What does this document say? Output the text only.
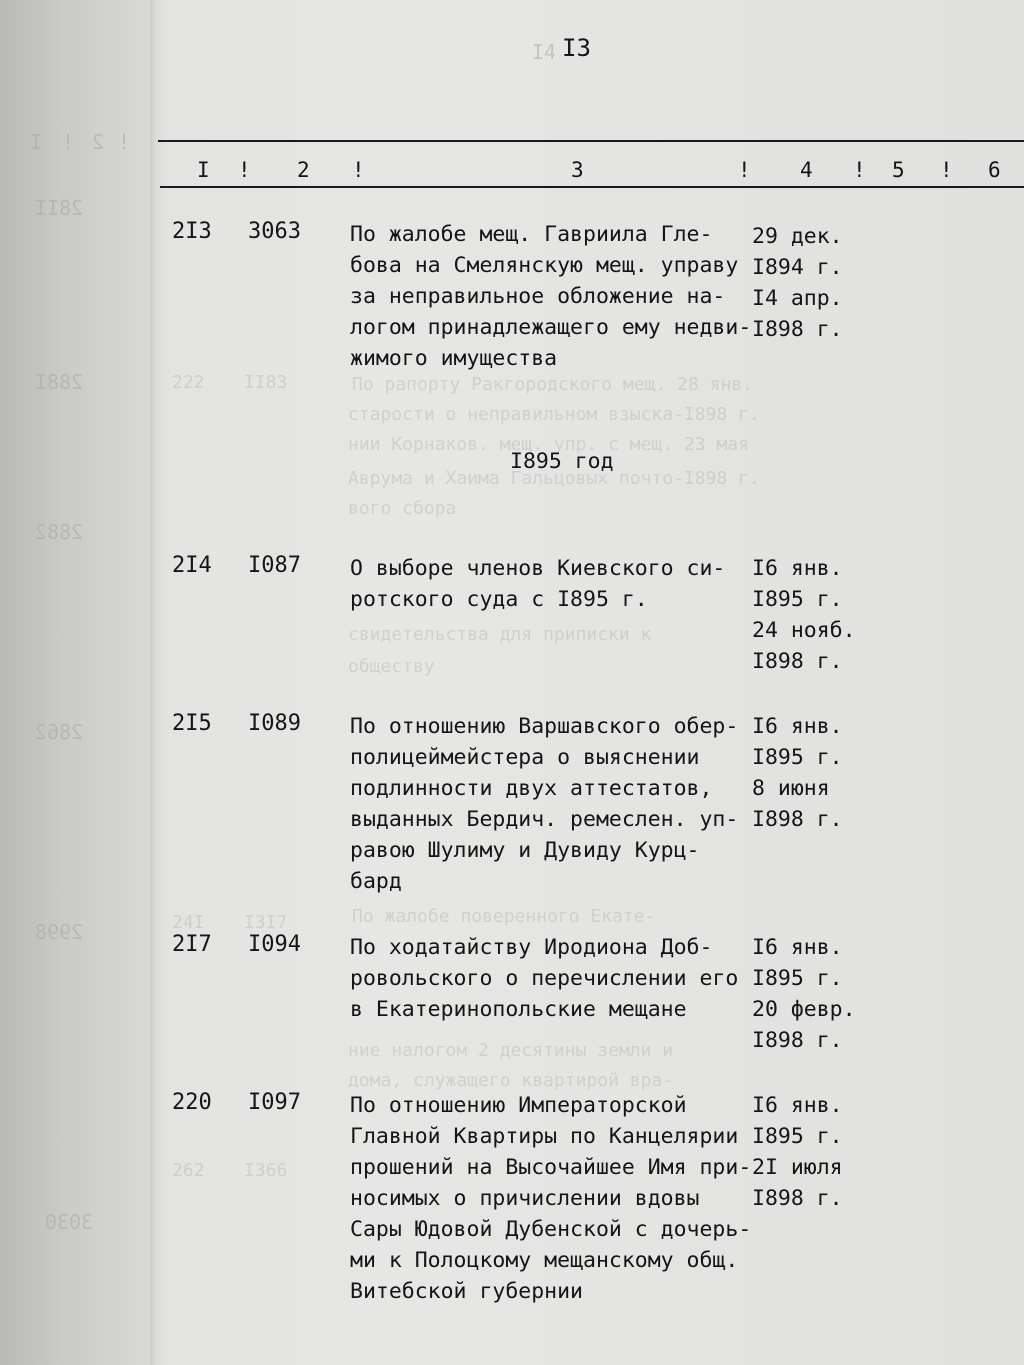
I4
!
2
!
I
28II
288I
2882
2862
2998
3030
222
24I
262
II83
I3I7
I366
По рапорту Ракгородского мещ. 28 янв.
старости о неправильном взыска-I898 г.
нии Корнаков. мещ. упр. с мещ. 23 мая
Аврума и Хаима Гальцовых почто-I898 г.
вого сбора
свидетельства для приписки к
обществу
По жалобе поверенного Екате-
ние налогом 2 десятины земли и
дома, служащего квартирой вра-
I3
I ! 2 !	3	! 4 ! 5 ! 6
2I3 3063 По жалобе мещ. Гавриила Гле-
бова на Смелянскую мещ. управу
за неправильное обложение на-
логом принадлежащего ему недви-
жимого имущества
29 дек.
I894 г.
I4 апр.
I898 г.
I895 год
2I4 I087 О выборе членов Киевского си-
ротского суда с I895 г.
I6 янв.
I895 г.
24 нояб.
I898 г.
2I5 I089 По отношению Варшавского обер-
полицеймейстера о выяснении
подлинности двух аттестатов,
выданных Бердич. ремеслен. уп-
равою Шулиму и Дувиду Курц-
бард
I6 янв.
I895 г.
8 июня
I898 г.
2I7 I094 По ходатайству Иродиона Доб-
ровольского о перечислении его
в Екатеринопольские мещане
I6 янв.
I895 г.
20 февр.
I898 г.
220 I097 По отношению Императорской
Главной Квартиры по Канцелярии
прошений на Высочайшее Имя при-
носимых о причислении вдовы
Сары Юдовой Дубенской с дочерь-
ми к Полоцкому мещанскому общ.
Витебской губернии
I6 янв.
I895 г.
2I июля
I898 г.
